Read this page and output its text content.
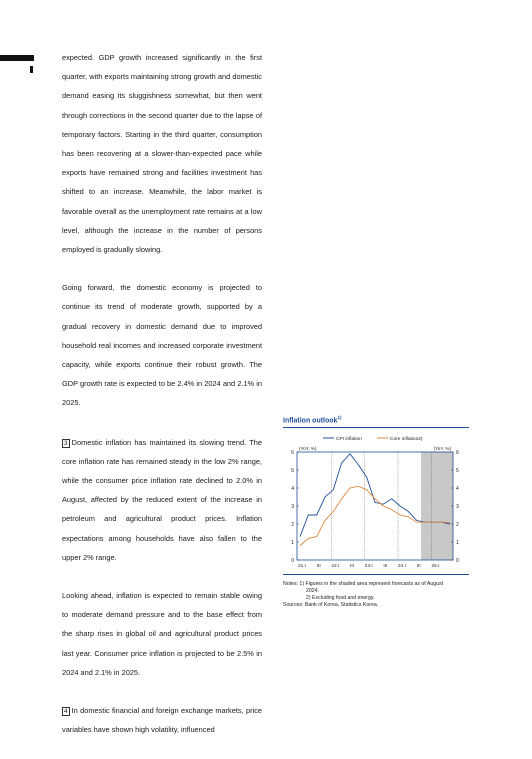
expected. GDP growth increased significantly in the first quarter, with exports maintaining strong growth and domestic demand easing its sluggishness somewhat, but then went through corrections in the second quarter due to the lapse of temporary factors. Starting in the third quarter, consumption has been recovering at a slower-than-expected pace while exports have remained strong and facilities investment has shifted to an increase. Meanwhile, the labor market is favorable overall as the unemployment rate remains at a low level, although the increase in the number of persons employed is gradually slowing.

Going forward, the domestic economy is projected to continue its trend of moderate growth, supported by a gradual recovery in domestic demand due to improved household real incomes and increased corporate investment capacity, while exports continue their robust growth. The GDP growth rate is expected to be 2.4% in 2024 and 2.1% in 2025.

3 Domestic inflation has maintained its slowing trend. The core inflation rate has remained steady in the low 2% range, while the consumer price inflation rate declined to 2.0% in August, affected by the reduced extent of the increase in petroleum and agricultural product prices. Inflation expectations among households have also fallen to the upper 2% range.

Looking ahead, inflation is expected to remain stable owing to moderate demand pressure and to the base effect from the sharp rises in global oil and agricultural product prices last year. Consumer price inflation is projected to be 2.5% in 2024 and 2.1% in 2025.

4 In domestic financial and foreign exchange markets, price variables have shown high volatility, influenced

Inflation outlook$^{1)}$
0	0
1	1
2	2
3	3
4	4
5	5
6	6
(YoY, %)	(YoY, %)
21.I III 22.I III 23.I III 24.I III 25.I
CPI inflation	Core inflation2)
Notes: 1) Figures in the shaded area represent forecasts as of August
2024.
2) Excluding food and energy.
Sources: Bank of Korea, Statistics Korea.
